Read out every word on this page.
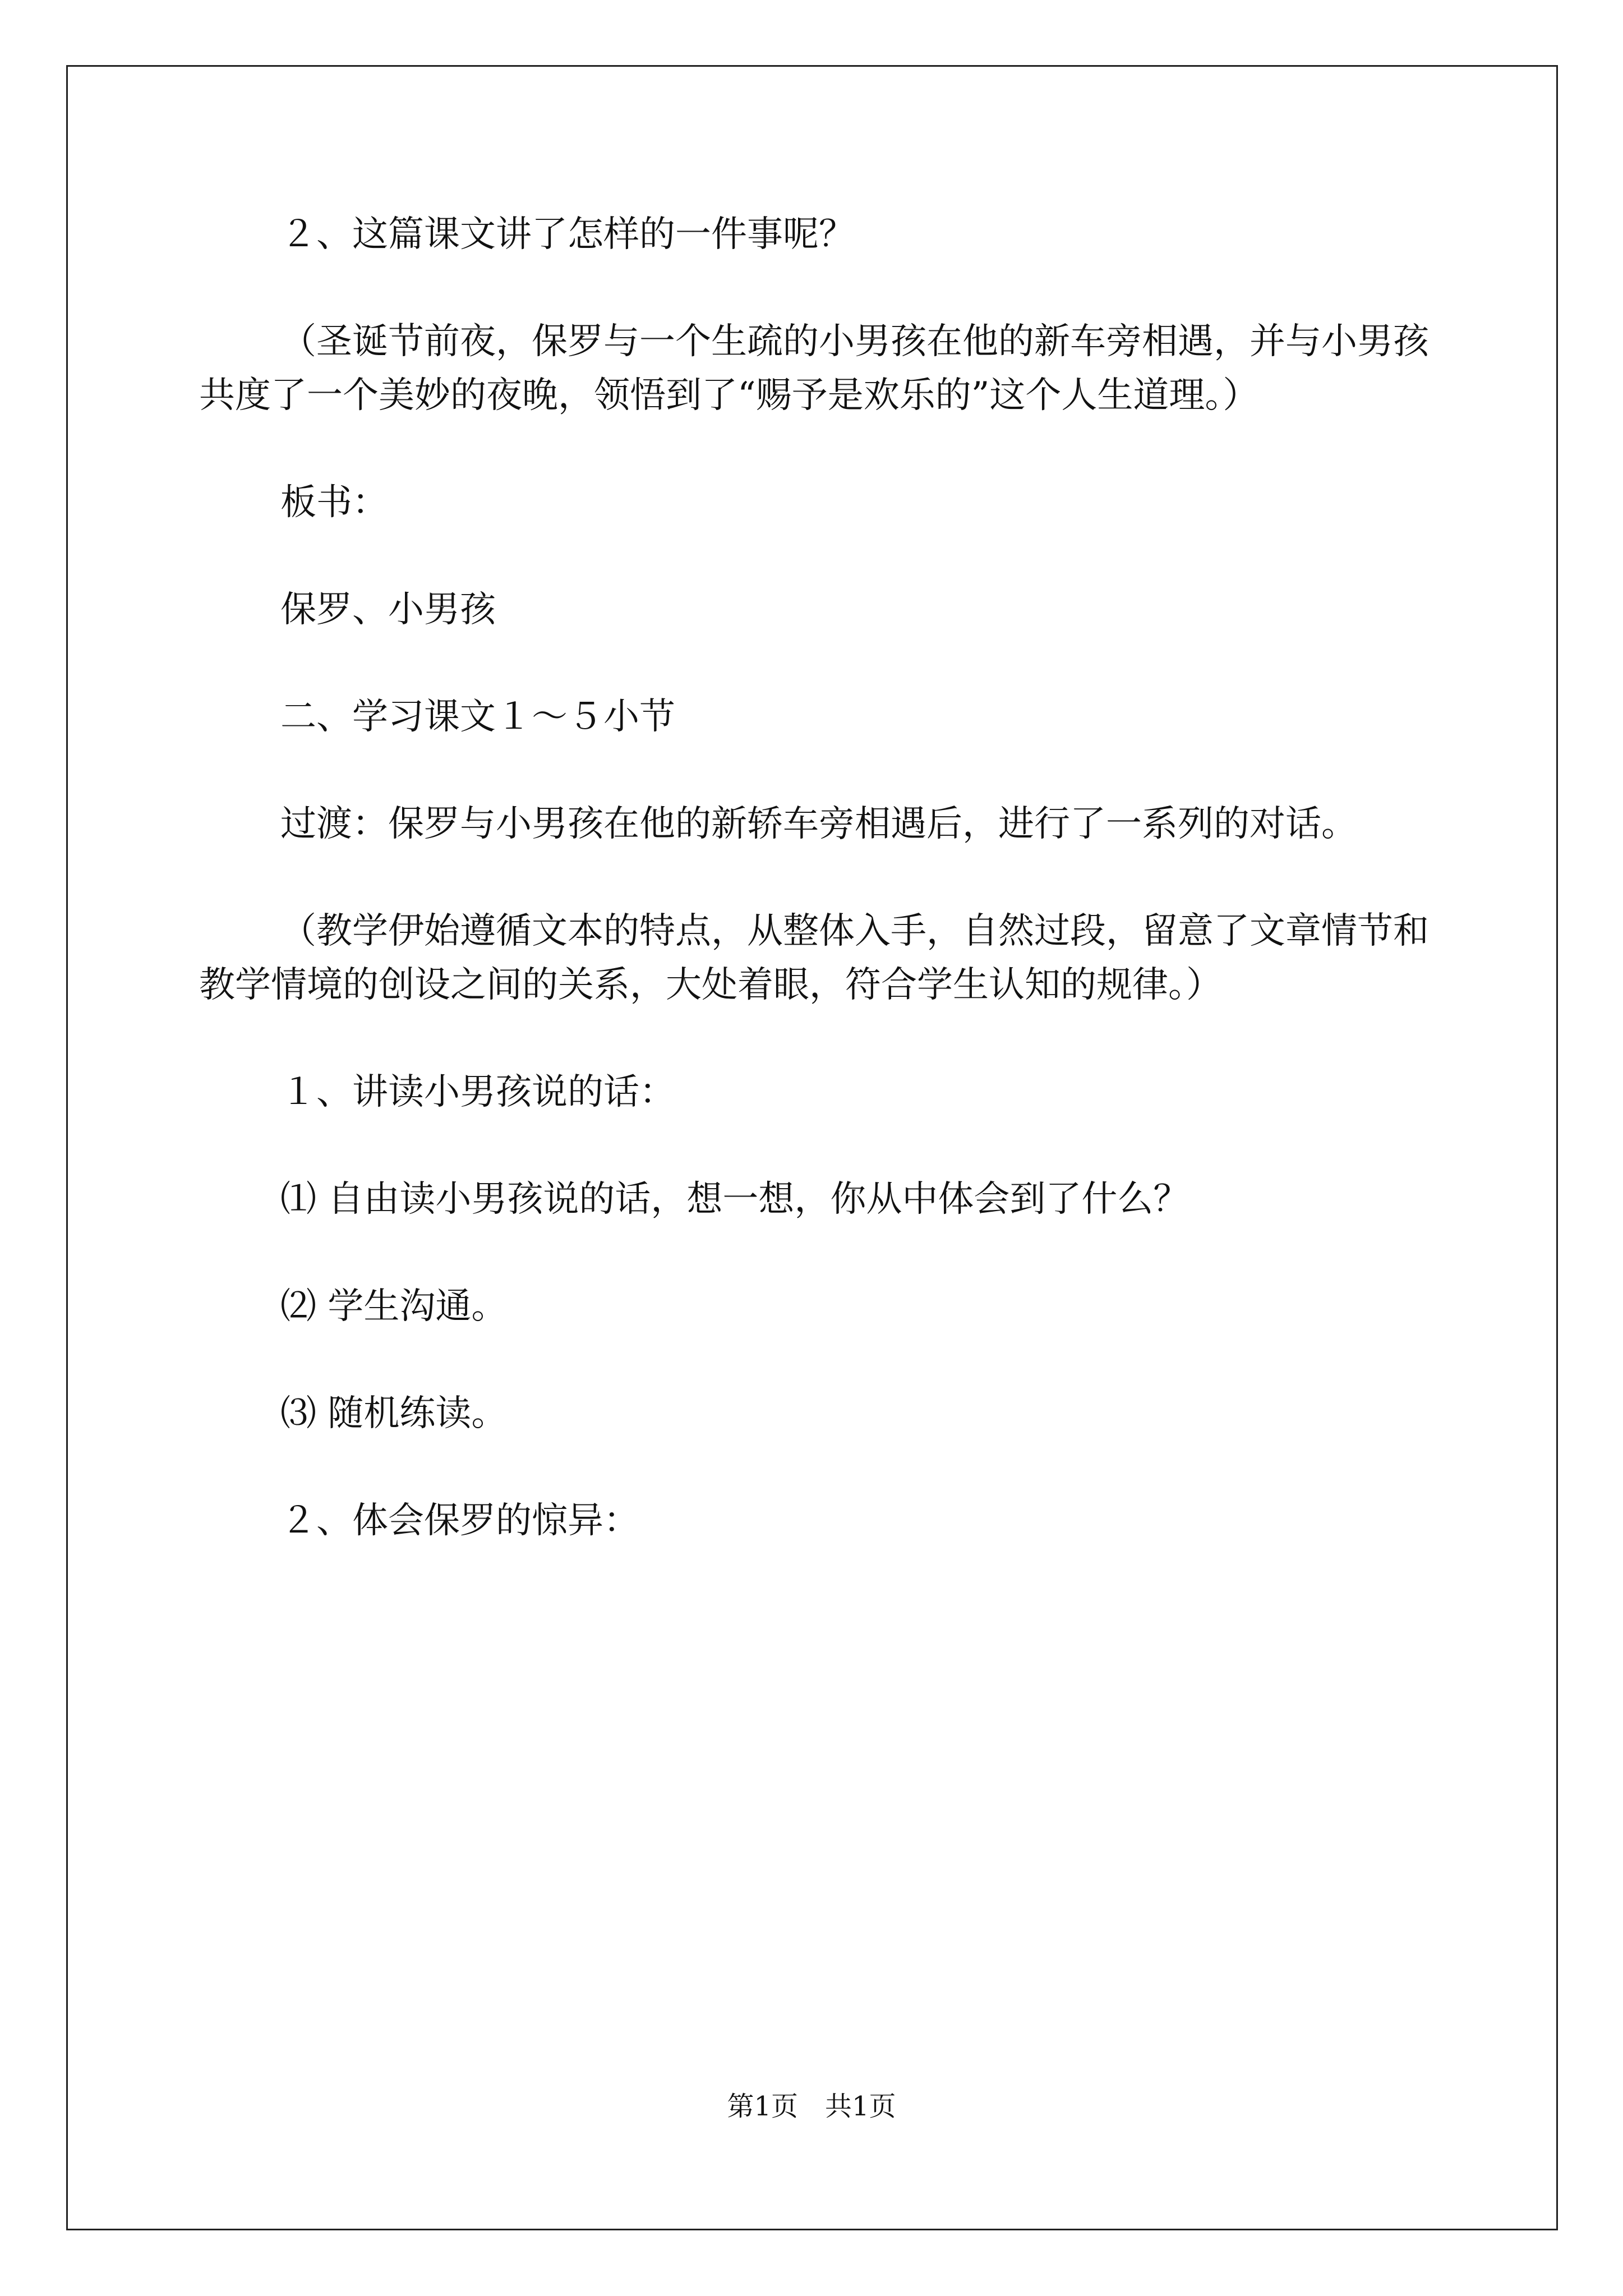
２、这篇课文讲了怎样的一件事呢？

（圣诞节前夜，保罗与一个生疏的小男孩在他的新车旁相遇，并与小男孩共度了一个美妙的夜晚，领悟到了“赐予是欢乐的”这个人生道理。）

板书：

保罗、小男孩

二、学习课文１～５小节

过渡：保罗与小男孩在他的新轿车旁相遇后，进行了一系列的对话。

（教学伊始遵循文本的特点，从整体入手，自然过段，留意了文章情节和教学情境的创设之间的关系，大处着眼，符合学生认知的规律。）

１、讲读小男孩说的话：

⑴ 自由读小男孩说的话，想一想，你从中体会到了什么？

⑵ 学生沟通。

⑶ 随机练读。

２、体会保罗的惊异：

第1页　共1页
